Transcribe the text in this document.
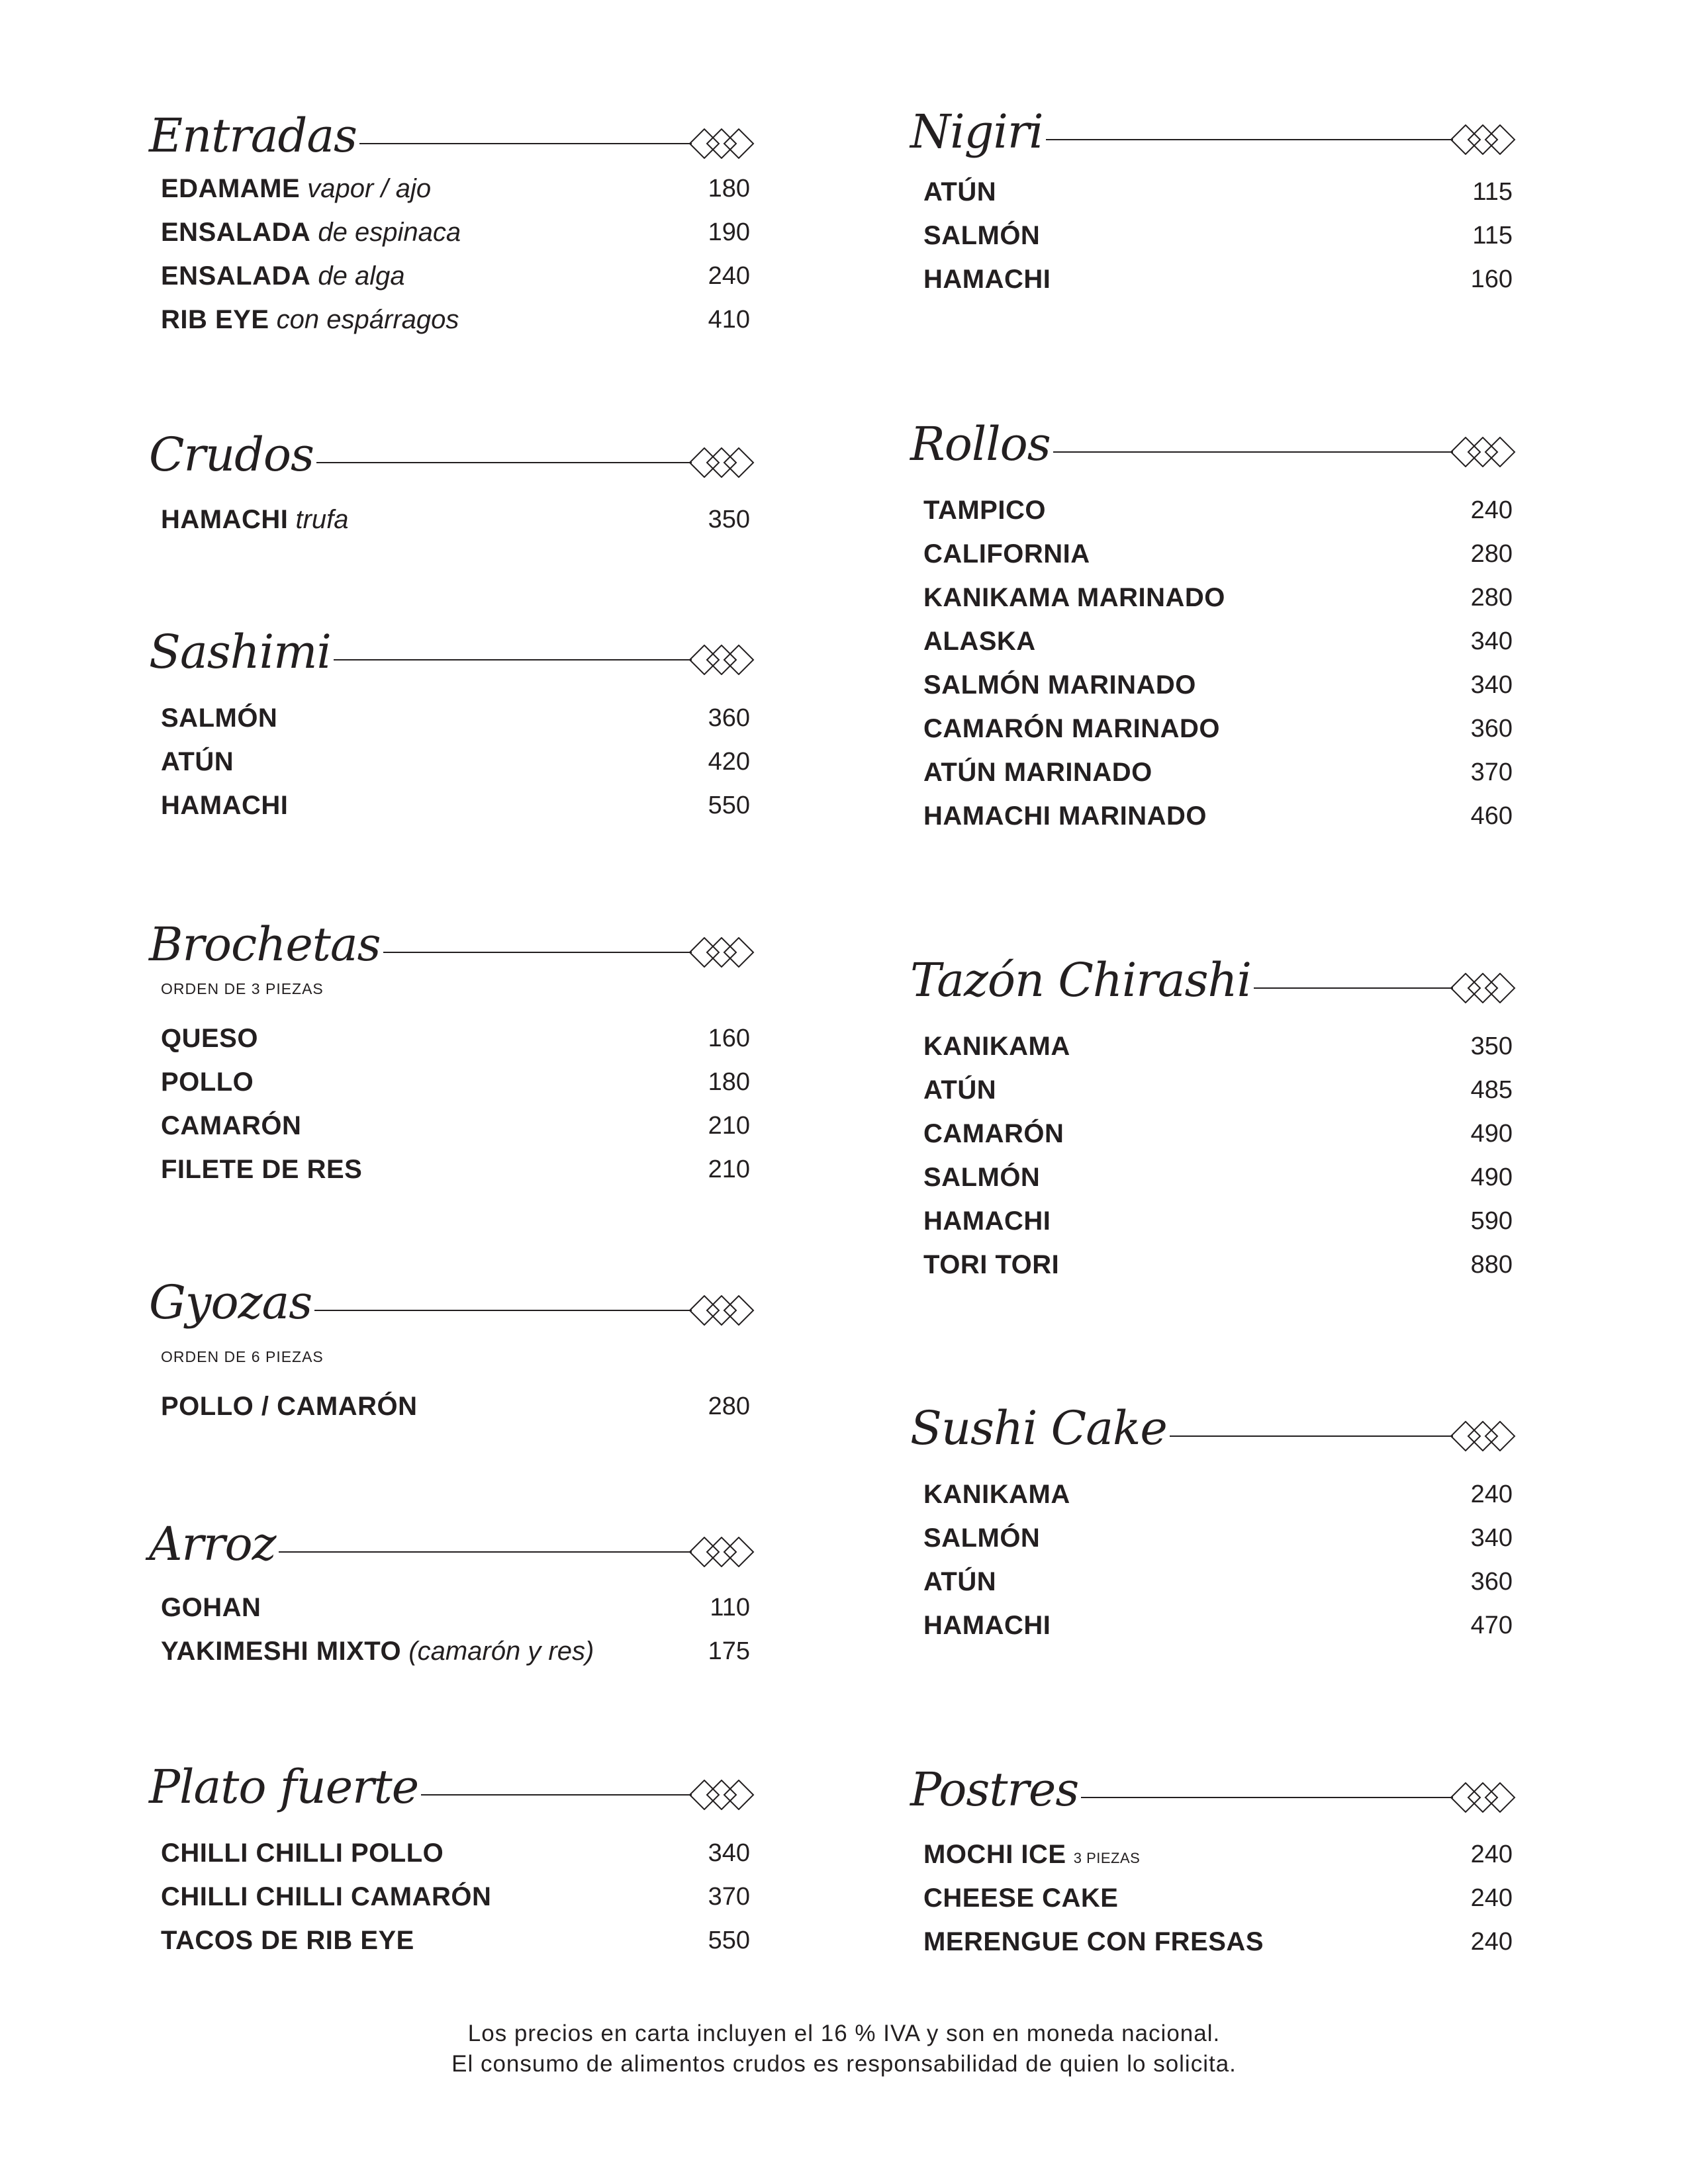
Entradas
EDAMAME vapor / ajo	180
ENSALADA de espinaca	190
ENSALADA de alga	240
RIB EYE con espárragos	410
Crudos
HAMACHI trufa	350
Sashimi
SALMÓN	360
ATÚN	420
HAMACHI	550
Brochetas
ORDEN DE 3 PIEZAS
QUESO	160
POLLO	180
CAMARÓN	210
FILETE DE RES	210
Gyozas
ORDEN DE 6 PIEZAS
POLLO / CAMARÓN	280
Arroz
GOHAN	110
YAKIMESHI MIXTO (camarón y res)	175
Plato fuerte
CHILLI CHILLI POLLO	340
CHILLI CHILLI CAMARÓN	370
TACOS DE RIB EYE	550
Nigiri
ATÚN	115
SALMÓN	115
HAMACHI	160
Rollos
TAMPICO	240
CALIFORNIA	280
KANIKAMA MARINADO	280
ALASKA	340
SALMÓN MARINADO	340
CAMARÓN MARINADO	360
ATÚN MARINADO	370
HAMACHI MARINADO	460
Tazón Chirashi
KANIKAMA	350
ATÚN	485
CAMARÓN	490
SALMÓN	490
HAMACHI	590
TORI TORI	880
Sushi Cake
KANIKAMA	240
SALMÓN	340
ATÚN	360
HAMACHI	470
Postres
MOCHI ICE 3 PIEZAS	240
CHEESE CAKE	240
MERENGUE CON FRESAS	240
Los precios en carta incluyen el 16 % IVA y son en moneda nacional.
El consumo de alimentos crudos es responsabilidad de quien lo solicita.
